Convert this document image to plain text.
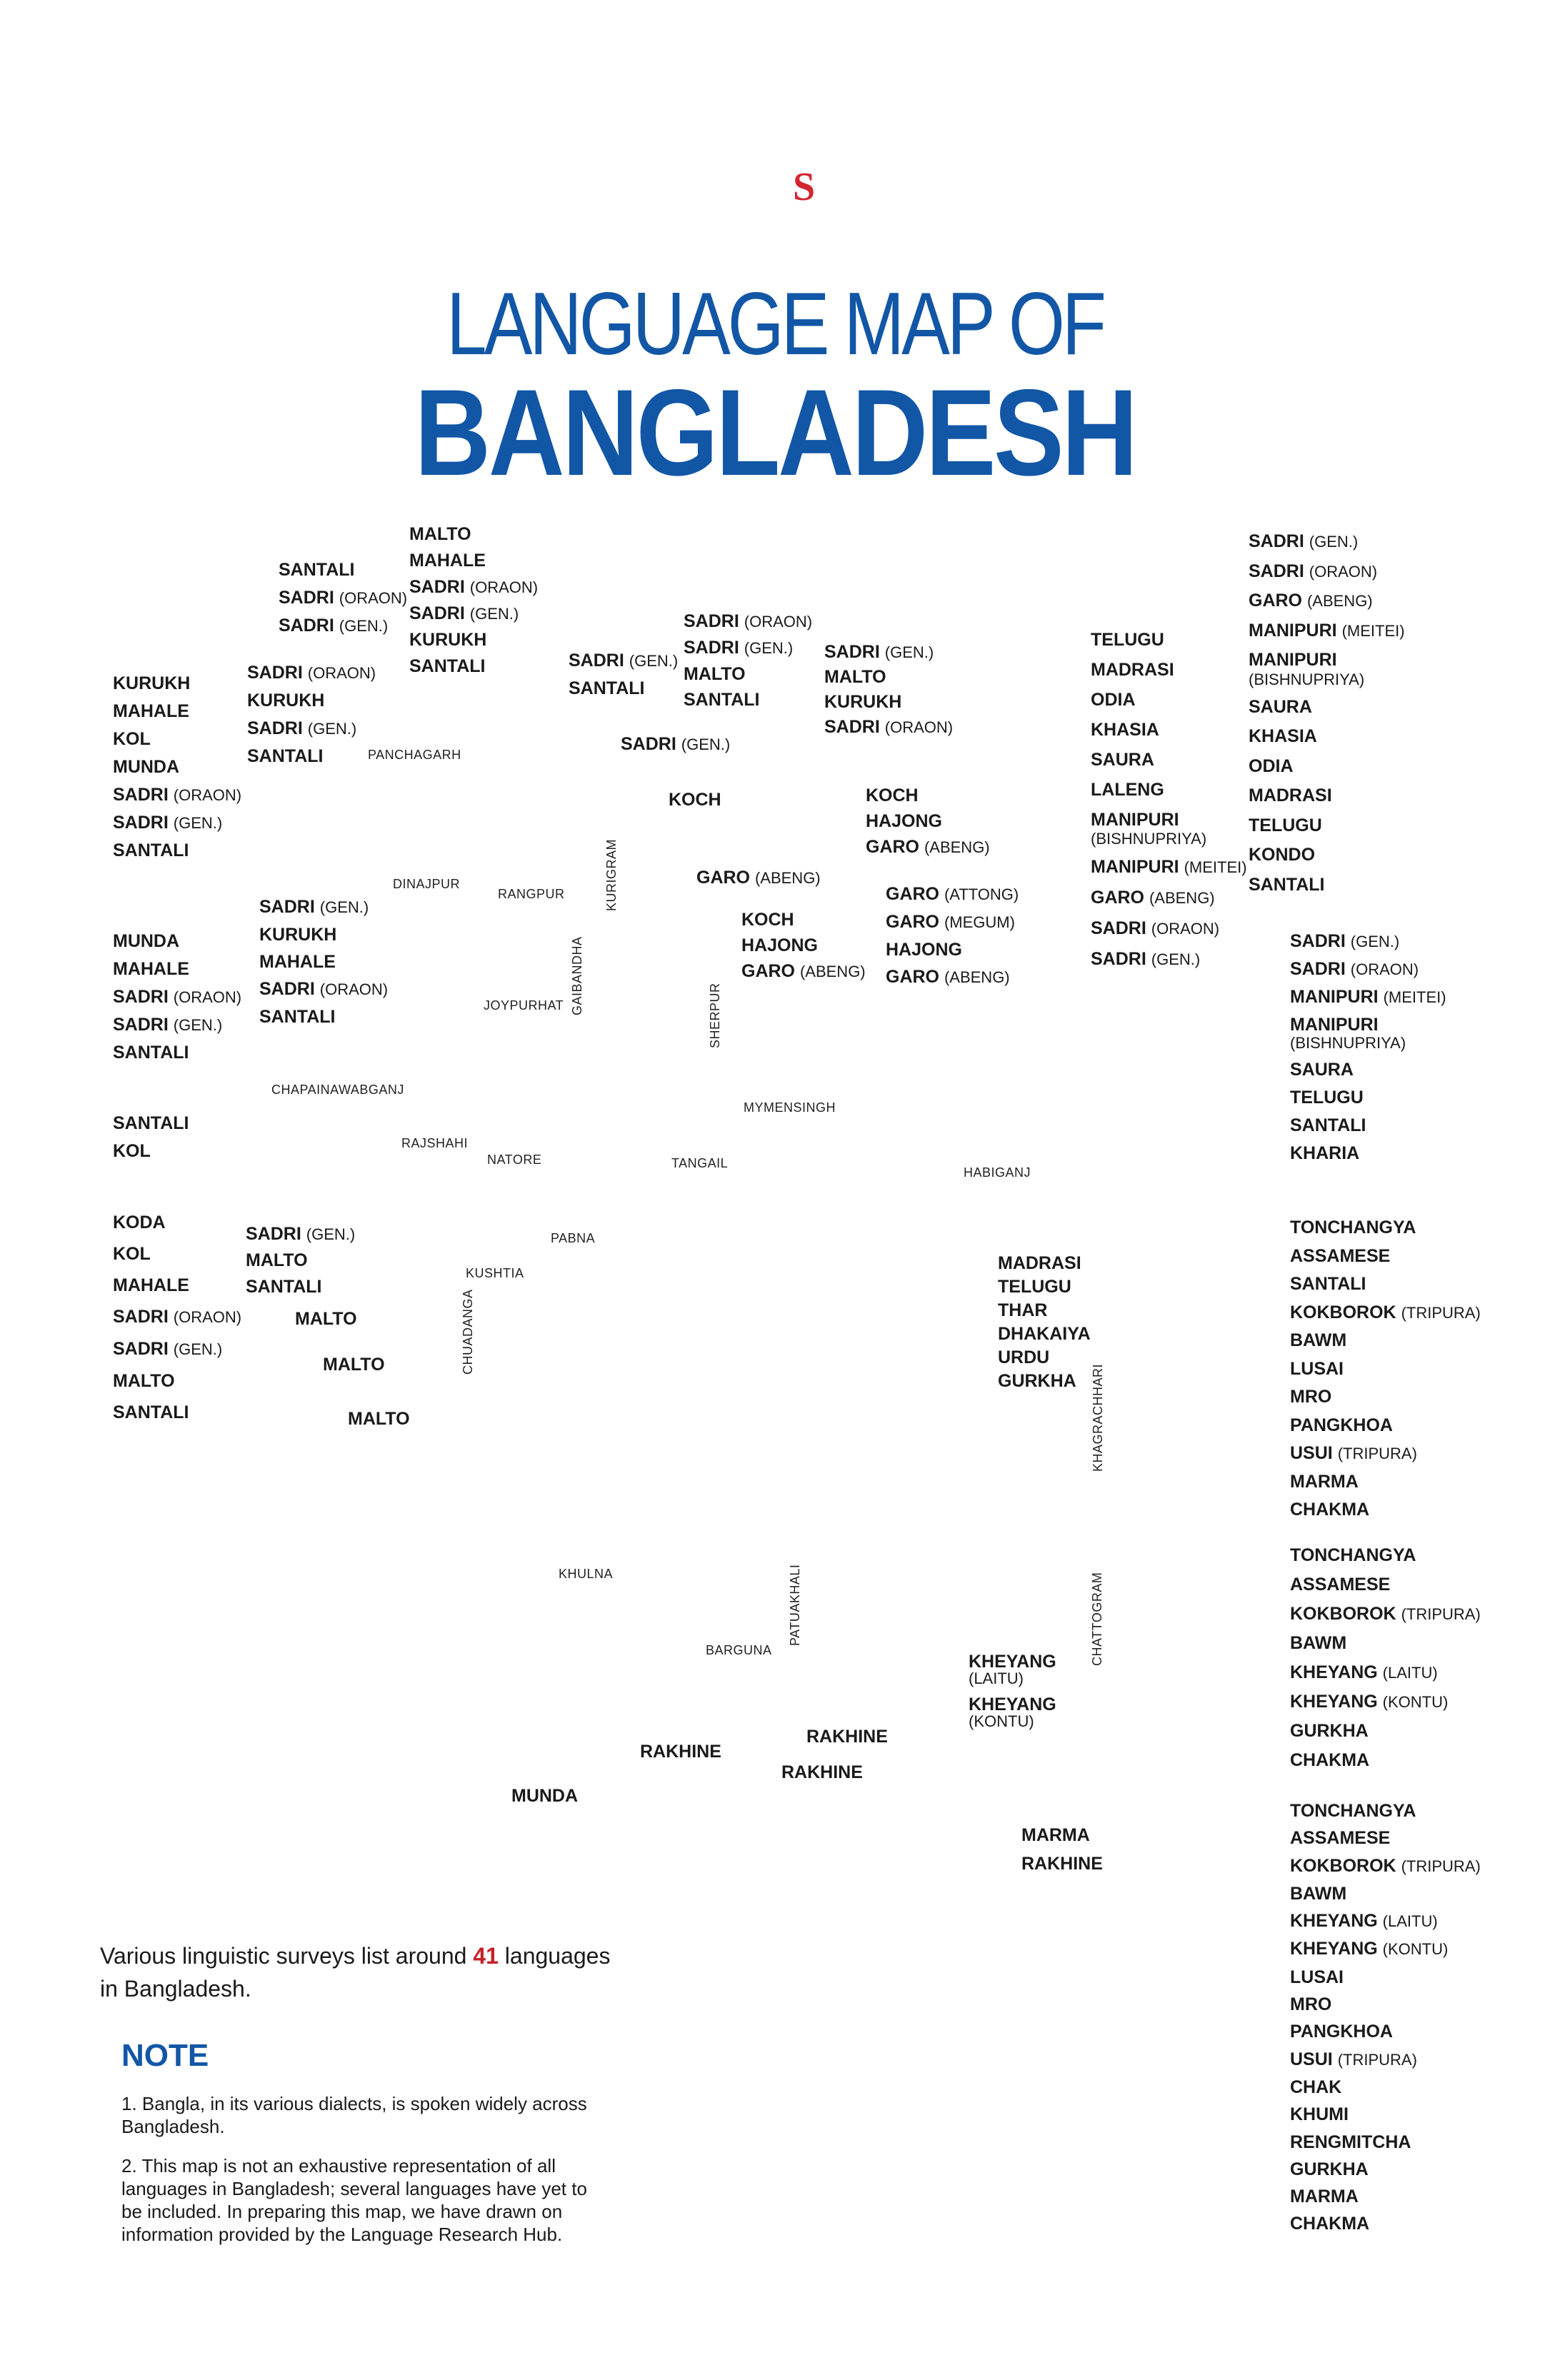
S
LANGUAGE MAP OF
BANGLADESH
KURUKH
MAHALE
KOL
MUNDA
SADRI (ORAON)
SADRI (GEN.)
SANTALI
MUNDA
MAHALE
SADRI (ORAON)
SADRI (GEN.)
SANTALI
SANTALI
KOL
KODA
KOL
MAHALE
SADRI (ORAON)
SADRI (GEN.)
MALTO
SANTALI
SANTALI
SADRI (ORAON)
SADRI (GEN.)
MALTO
MAHALE
SADRI (ORAON)
SADRI (GEN.)
KURUKH
SANTALI
SADRI (ORAON)
KURUKH
SADRI (GEN.)
SANTALI
SADRI (GEN.)
SANTALI
SADRI (ORAON)
SADRI (GEN.)
MALTO
SANTALI
SADRI (GEN.)
SADRI (GEN.)
MALTO
KURUKH
SADRI (ORAON)
KOCH	KOCH
HAJONG
GARO (ABENG)
GARO (ABENG)
KOCH
HAJONG
GARO (ABENG)
GARO (ATTONG)
GARO (MEGUM)
HAJONG
GARO (ABENG)
SADRI (GEN.)
KURUKH
MAHALE
SADRI (ORAON)
SANTALI
TELUGU
MADRASI
ODIA
KHASIA
SAURA
LALENG
MANIPURI
(BISHNUPRIYA)
MANIPURI (MEITEI)
GARO (ABENG)
SADRI (ORAON)
SADRI (GEN.)
SADRI (GEN.)
SADRI (ORAON)
GARO (ABENG)
MANIPURI (MEITEI)
MANIPURI
(BISHNUPRIYA)
SAURA
KHASIA
ODIA
MADRASI
TELUGU
KONDO
SANTALI
SADRI (GEN.)
SADRI (ORAON)
MANIPURI (MEITEI)
MANIPURI
(BISHNUPRIYA)
SAURA
TELUGU
SANTALI
KHARIA
SADRI (GEN.)
MALTO
SANTALI
MALTO
MALTO
MALTO
MADRASI
TELUGU
THAR
DHAKAIYA
URDU
GURKHA
TONCHANGYA
ASSAMESE
SANTALI
KOKBOROK (TRIPURA)
BAWM
LUSAI
MRO
PANGKHOA
USUI (TRIPURA)
MARMA
CHAKMA
TONCHANGYA
ASSAMESE
KOKBOROK (TRIPURA)
BAWM
KHEYANG (LAITU)
KHEYANG (KONTU)
GURKHA
CHAKMA
TONCHANGYA
ASSAMESE
KOKBOROK (TRIPURA)
BAWM
KHEYANG (LAITU)
KHEYANG (KONTU)
LUSAI
MRO
PANGKHOA
USUI (TRIPURA)
CHAK
KHUMI
RENGMITCHA
GURKHA
MARMA
CHAKMA
KHEYANG
(LAITU)
KHEYANG
(KONTU)
MARMA
RAKHINE
RAKHINE
RAKHINE
RAKHINE
MUNDA
PANCHAGARH
DINAJPUR
RANGPUR	KURIGRAM
GAIBANDHA
JOYPURHAT	SHERPUR
CHAPAINAWABGANJ
MYMENSINGH
RAJSHAHI
NATORE	TANGAIL
HABIGANJ
PABNA
KUSHTIA
CHUADANGA
KHAGRACHHARI
KHULNA	PATUAKHALI
BARGUNA	CHATTOGRAM
Various linguistic surveys list around 41 languages
in Bangladesh.
NOTE
1. Bangla, in its various dialects, is spoken widely across Bangladesh.
2. This map is not an exhaustive representation of all languages in Bangladesh; several languages have yet to be included. In preparing this map, we have drawn on information provided by the Language Research Hub.
